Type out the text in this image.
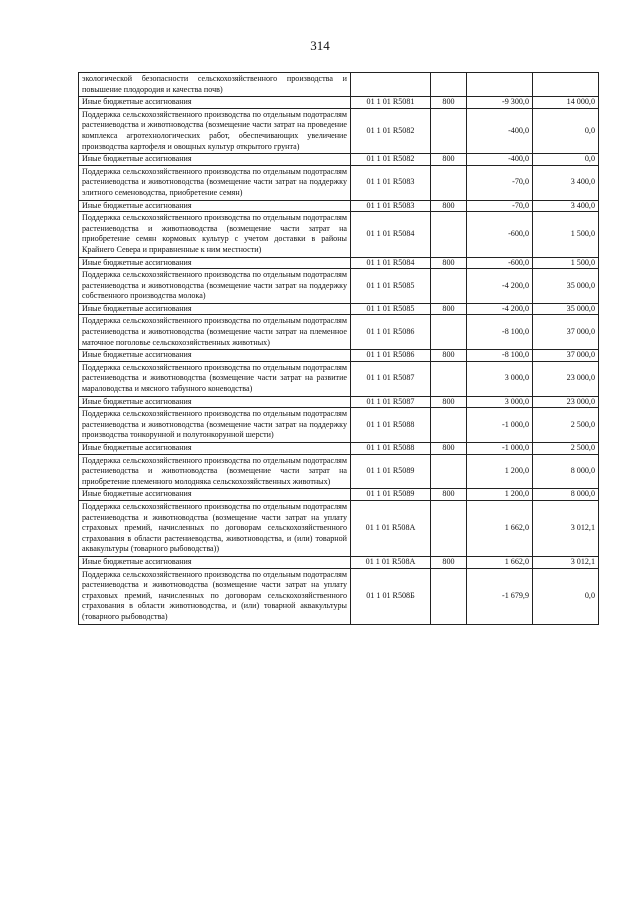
314
экологической безопасности сельскохозяйственного производства и повышение плодородия и качества почв)				
Иные бюджетные ассигнования	01 1 01 R5081	800	-9 300,0	14 000,0
Поддержка сельскохозяйственного производства по отдельным подотраслям растениеводства и животноводства (возмещение части затрат на проведение комплекса агротехнологических работ, обеспечивающих увеличение производства картофеля и овощных культур открытого грунта)	01 1 01 R5082		-400,0	0,0
Иные бюджетные ассигнования	01 1 01 R5082	800	-400,0	0,0
Поддержка сельскохозяйственного производства по отдельным подотраслям растениеводства и животноводства (возмещение части затрат на поддержку элитного семеноводства, приобретение семян)	01 1 01 R5083		-70,0	3 400,0
Иные бюджетные ассигнования	01 1 01 R5083	800	-70,0	3 400,0
Поддержка сельскохозяйственного производства по отдельным подотраслям растениеводства и животноводства (возмещение части затрат на приобретение семян кормовых культур с учетом доставки в районы Крайнего Севера и приравненные к ним местности)	01 1 01 R5084		-600,0	1 500,0
Иные бюджетные ассигнования	01 1 01 R5084	800	-600,0	1 500,0
Поддержка сельскохозяйственного производства по отдельным подотраслям растениеводства и животноводства (возмещение части затрат на поддержку собственного производства молока)	01 1 01 R5085		-4 200,0	35 000,0
Иные бюджетные ассигнования	01 1 01 R5085	800	-4 200,0	35 000,0
Поддержка сельскохозяйственного производства по отдельным подотраслям растениеводства и животноводства (возмещение части затрат на племенное маточное поголовье сельскохозяйственных животных)	01 1 01 R5086		-8 100,0	37 000,0
Иные бюджетные ассигнования	01 1 01 R5086	800	-8 100,0	37 000,0
Поддержка сельскохозяйственного производства по отдельным подотраслям растениеводства и животноводства (возмещение части затрат на развитие мараловодства и мясного табунного коневодства)	01 1 01 R5087		3 000,0	23 000,0
Иные бюджетные ассигнования	01 1 01 R5087	800	3 000,0	23 000,0
Поддержка сельскохозяйственного производства по отдельным подотраслям растениеводства и животноводства (возмещение части затрат на поддержку производства тонкорунной и полутонкорунной шерсти)	01 1 01 R5088		-1 000,0	2 500,0
Иные бюджетные ассигнования	01 1 01 R5088	800	-1 000,0	2 500,0
Поддержка сельскохозяйственного производства по отдельным подотраслям растениеводства и животноводства (возмещение части затрат на приобретение племенного молодняка сельскохозяйственных животных)	01 1 01 R5089		1 200,0	8 000,0
Иные бюджетные ассигнования	01 1 01 R5089	800	1 200,0	8 000,0
Поддержка сельскохозяйственного производства по отдельным подотраслям растениеводства и животноводства (возмещение части затрат на уплату страховых премий, начисленных по договорам сельскохозяйственного страхования в области растениеводства, животноводства, и (или) товарной аквакультуры (товарного рыбоводства))	01 1 01 R508А		1 662,0	3 012,1
Иные бюджетные ассигнования	01 1 01 R508А	800	1 662,0	3 012,1
Поддержка сельскохозяйственного производства по отдельным подотраслям растениеводства и животноводства (возмещение части затрат на уплату страховых премий, начисленных по договорам сельскохозяйственного страхования в области животноводства, и (или) товарной аквакультуры (товарного рыбоводства)	01 1 01 R508Б		-1 679,9	0,0
